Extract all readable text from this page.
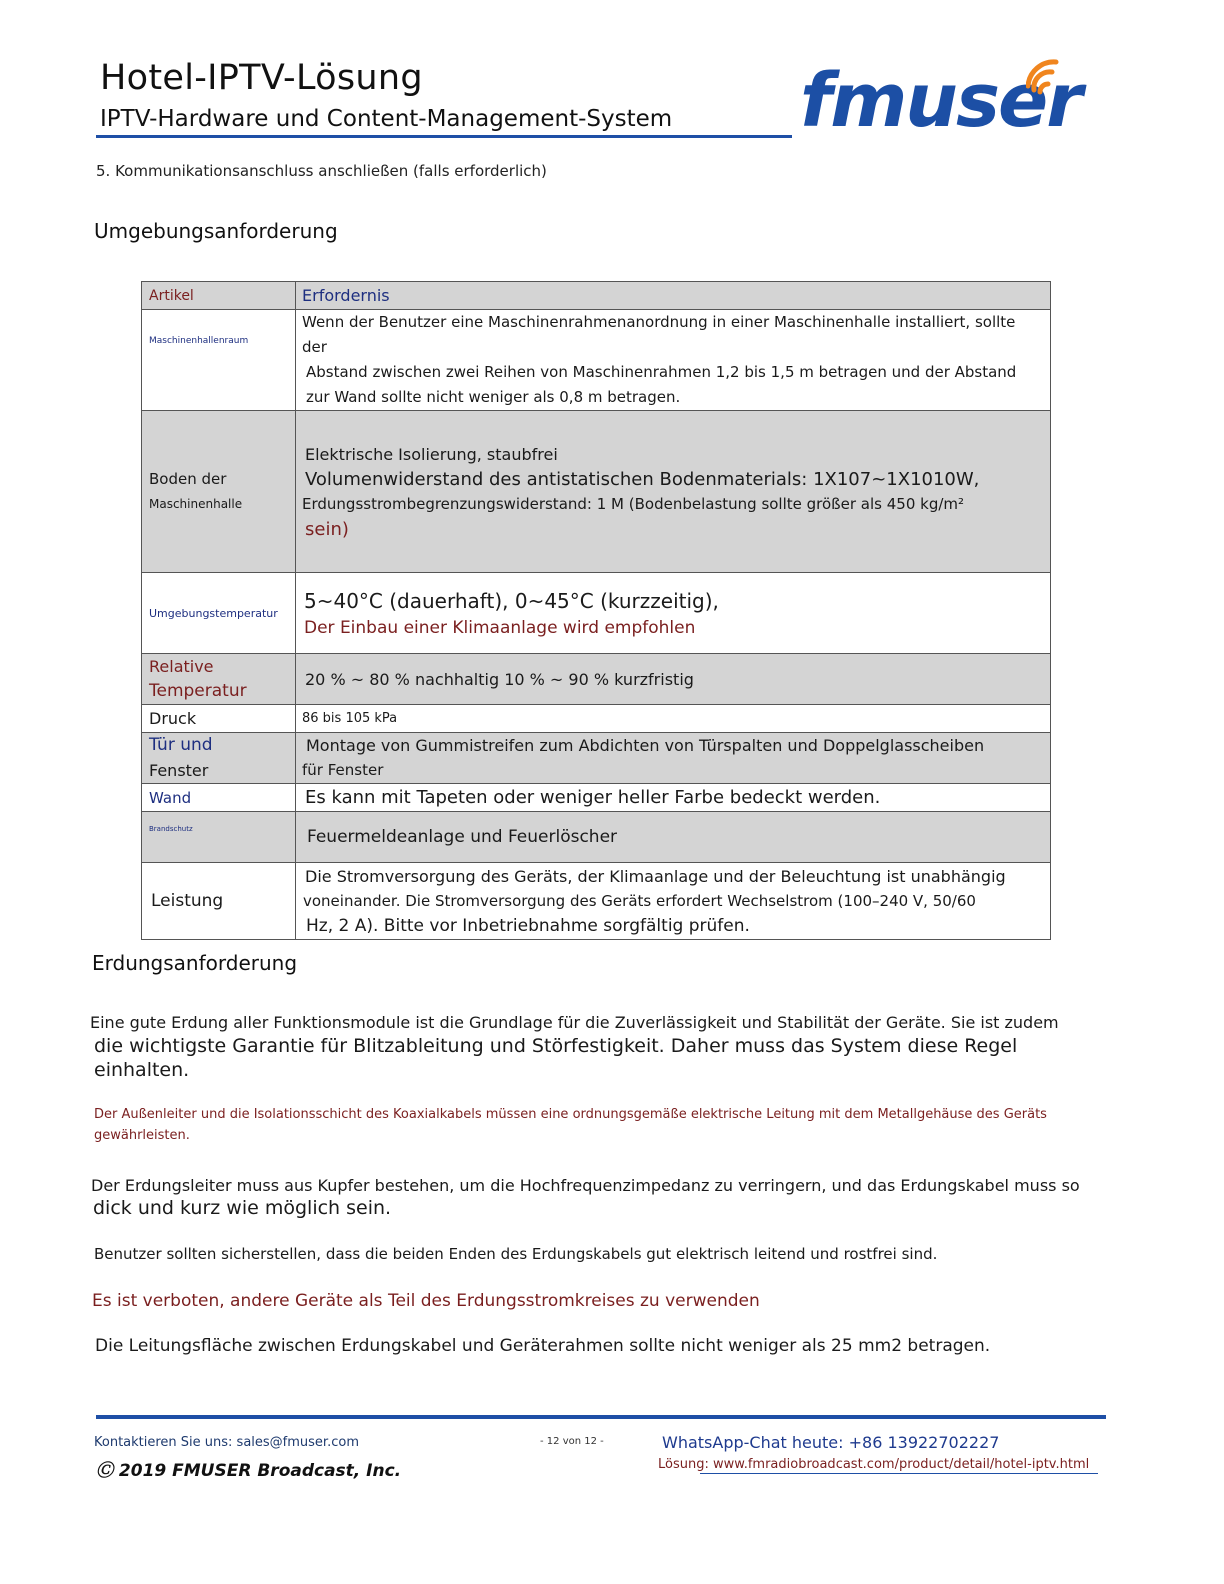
Hotel-IPTV-Lösung
IPTV-Hardware und Content-Management-System fmuser
5. Kommunikationsanschluss anschließen (falls erforderlich)
Umgebungsanforderung
Artikel	Erfordernis
Maschinenhallenraum	Wenn der Benutzer eine Maschinenrahmenanordnung in einer Maschinenhalle installiert, sollte der
Abstand zwischen zwei Reihen von Maschinenrahmen 1,2 bis 1,5 m betragen und der Abstand
zur Wand sollte nicht weniger als 0,8 m betragen.

Boden der
Maschinenhalle	Elektrische Isolierung, staubfrei
Volumenwiderstand des antistatischen Bodenmaterials: 1X107~1X1010W,
Erdungsstrombegrenzungswiderstand: 1 M (Bodenbelastung sollte größer als 450 kg/m²
sein)

Umgebungstemperatur	5~40°C (dauerhaft), 0~45°C (kurzzeitig),
Der Einbau einer Klimaanlage wird empfohlen

Relative
Temperatur	20 % ~ 80 % nachhaltig 10 % ~ 90 % kurzfristig
Druck	86 bis 105 kPa

Tür und
Fenster	Montage von Gummistreifen zum Abdichten von Türspalten und Doppelglasscheiben
für Fenster

Wand	Es kann mit Tapeten oder weniger heller Farbe bedeckt werden.
Brandschutz	Feuermeldeanlage und Feuerlöscher
Leistung	Die Stromversorgung des Geräts, der Klimaanlage und der Beleuchtung ist unabhängig
voneinander. Die Stromversorgung des Geräts erfordert Wechselstrom (100–240 V, 50/60
Hz, 2 A). Bitte vor Inbetriebnahme sorgfältig prüfen.
Erdungsanforderung
Eine gute Erdung aller Funktionsmodule ist die Grundlage für die Zuverlässigkeit und Stabilität der Geräte. Sie ist zudem
die wichtigste Garantie für Blitzableitung und Störfestigkeit. Daher muss das System diese Regel einhalten.
Der Außenleiter und die Isolationsschicht des Koaxialkabels müssen eine ordnungsgemäße elektrische Leitung mit dem Metallgehäuse des Geräts
gewährleisten.
Der Erdungsleiter muss aus Kupfer bestehen, um die Hochfrequenzimpedanz zu verringern, und das Erdungskabel muss so
dick und kurz wie möglich sein.
Benutzer sollten sicherstellen, dass die beiden Enden des Erdungskabels gut elektrisch leitend und rostfrei sind.
Es ist verboten, andere Geräte als Teil des Erdungsstromkreises zu verwenden
Die Leitungsfläche zwischen Erdungskabel und Geräterahmen sollte nicht weniger als 25 mm2 betragen.
Kontaktieren Sie uns: sales@fmuser.com
Ⓒ 2019 FMUSER Broadcast, Inc.
- 12 von 12 -	WhatsApp-Chat heute: +86 13922702227
Lösung: www.fmradiobroadcast.com/product/detail/hotel-iptv.html
